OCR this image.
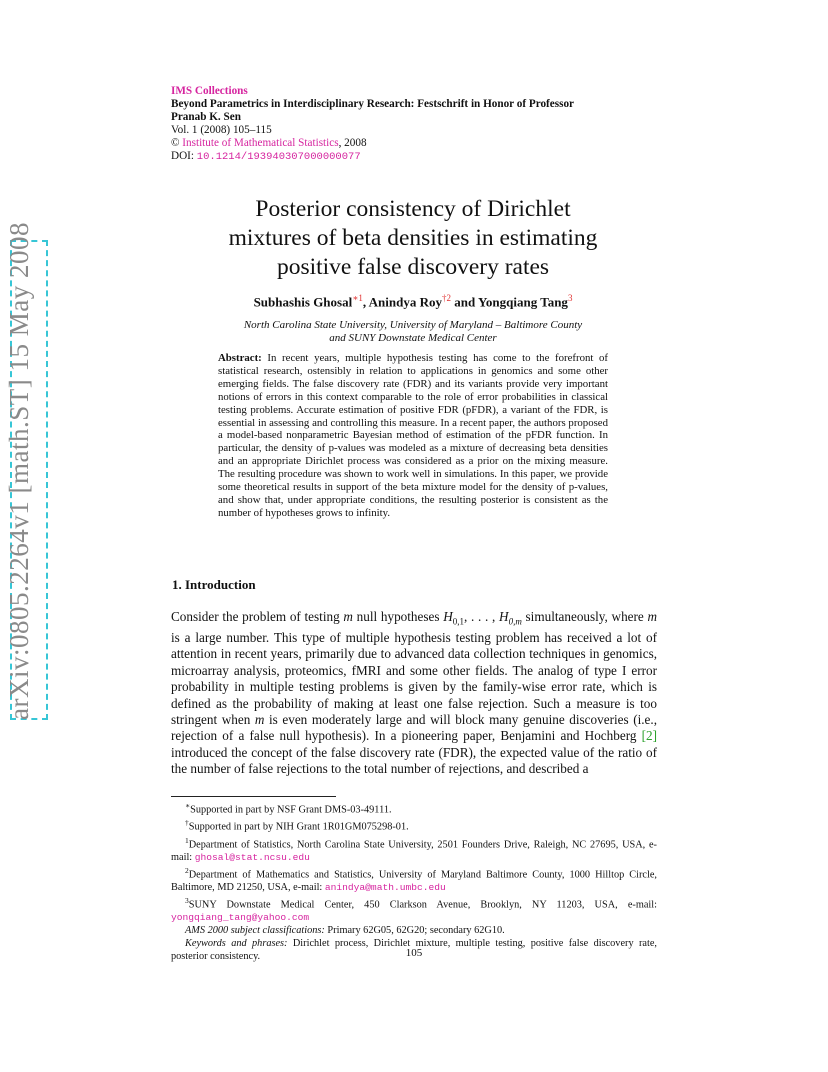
arXiv:0805.2264v1 [math.ST] 15 May 2008
IMS Collections
Beyond Parametrics in Interdisciplinary Research: Festschrift in Honor of Professor
Pranab K. Sen
Vol. 1 (2008) 105–115
© Institute of Mathematical Statistics, 2008
DOI: 10.1214/193940307000000077
Posterior consistency of Dirichlet
mixtures of beta densities in estimating
positive false discovery rates
Subhashis Ghosal$^{∗1}$, Anindya Roy$^{\dagger 2}$ and Yongqiang Tang$^3$
North Carolina State University, University of Maryland – Baltimore County
and SUNY Downstate Medical Center
Abstract: In recent years, multiple hypothesis testing has come to the forefront of statistical research, ostensibly in relation to applications in genomics and some other emerging fields. The false discovery rate (FDR) and its variants provide very important notions of errors in this context comparable to the role of error probabilities in classical testing problems. Accurate estimation of positive FDR (pFDR), a variant of the FDR, is essential in assessing and controlling this measure. In a recent paper, the authors proposed a model-based nonparametric Bayesian method of estimation of the pFDR function. In particular, the density of p-values was modeled as a mixture of decreasing beta densities and an appropriate Dirichlet process was considered as a prior on the mixing measure. The resulting procedure was shown to work well in simulations. In this paper, we provide some theoretical results in support of the beta mixture model for the density of p-values, and show that, under appropriate conditions, the resulting posterior is consistent as the number of hypotheses grows to infinity.
1. Introduction
Consider the problem of testing m null hypotheses $H_{0,1}$, . . . , $H_{0,m}$ simultaneously, where m is a large number. This type of multiple hypothesis testing problem has received a lot of attention in recent years, primarily due to advanced data collection techniques in genomics, microarray analysis, proteomics, fMRI and some other fields. The analog of type I error probability in multiple testing problems is given by the family-wise error rate, which is defined as the probability of making at least one false rejection. Such a measure is too stringent when m is even moderately large and will block many genuine discoveries (i.e., rejection of a false null hypothesis). In a pioneering paper, Benjamini and Hochberg [2] introduced the concept of the false discovery rate (FDR), the expected value of the ratio of the number of false rejections to the total number of rejections, and described a

∗Supported in part by NSF Grant DMS-03-49111.

†Supported in part by NIH Grant 1R01GM075298-01.

$^1$Department of Statistics, North Carolina State University, 2501 Founders Drive, Raleigh, NC 27695, USA, e-mail: ghosal@stat.ncsu.edu

$^2$Department of Mathematics and Statistics, University of Maryland Baltimore County, 1000 Hilltop Circle, Baltimore, MD 21250, USA, e-mail: anindya@math.umbc.edu

$^3$SUNY Downstate Medical Center, 450 Clarkson Avenue, Brooklyn, NY 11203, USA, e-mail: yongqiang_tang@yahoo.com

AMS 2000 subject classifications: Primary 62G05, 62G20; secondary 62G10.

Keywords and phrases: Dirichlet process, Dirichlet mixture, multiple testing, positive false discovery rate, posterior consistency.	105
